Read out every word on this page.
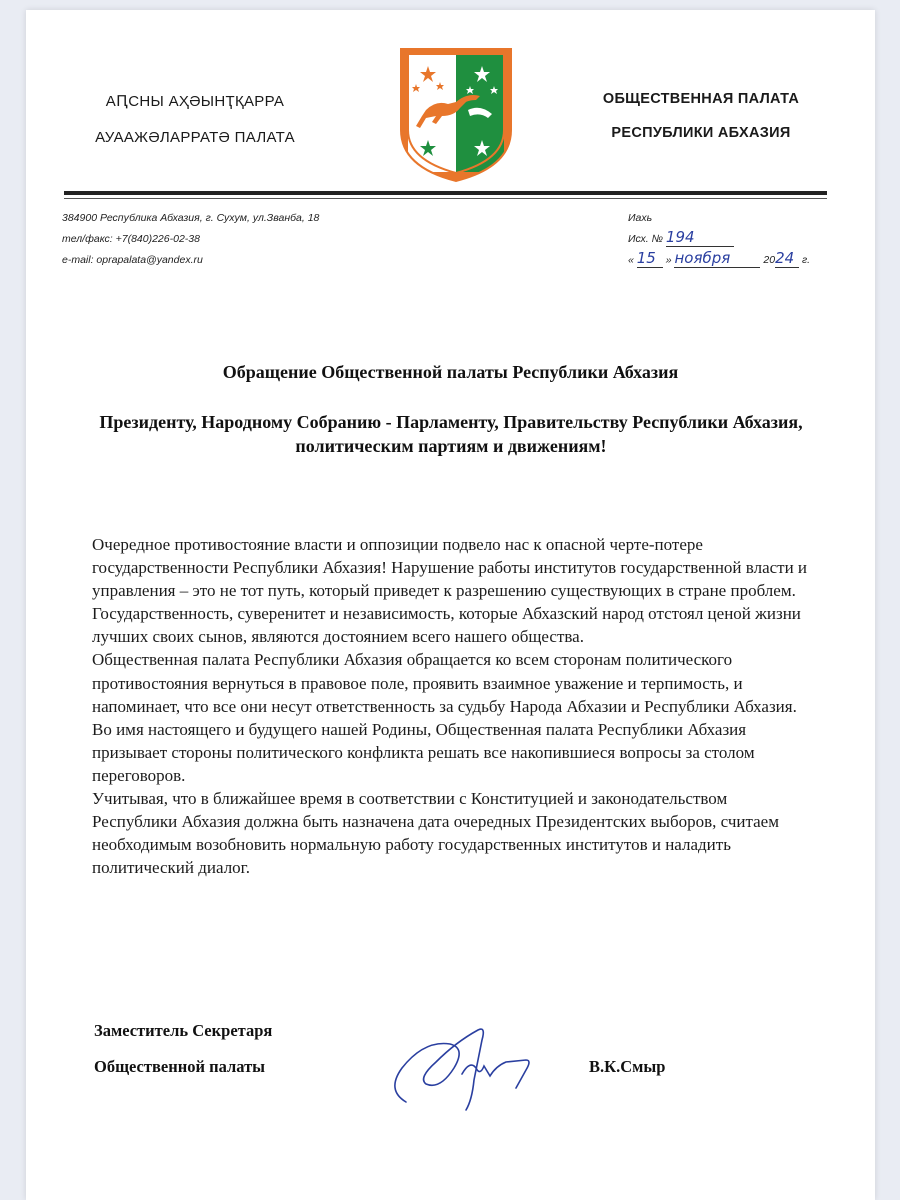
АԤСНЫ АҲӘЫНҬҚАРРА
АУААЖӘЛАРРАТӘ ПАЛАТА
ОБЩЕСТВЕННАЯ ПАЛАТА
РЕСПУБЛИКИ АБХАЗИЯ
384900 Республика Абхазия, г. Сухум, ул.Званба, 18
тел/факс: +7(840)226-02-38
e-mail: oprapalata@yandex.ru
Иахь
Исх. № 194
« 15 » ноября	2024 г.
Обращение Общественной палаты Республики Абхазия
Президенту, Народному Собранию - Парламенту, Правительству Республики Абхазия, политическим партиям и движениям!

Очередное противостояние власти и оппозиции подвело нас к опасной черте-потере государственности Республики Абхазия! Нарушение работы институтов государственной власти и управления – это не тот путь, который приведет к разрешению существующих в стране проблем.

Государственность, суверенитет и независимость, которые Абхазский народ отстоял ценой жизни лучших своих сынов, являются достоянием всего нашего общества.

Общественная палата Республики Абхазия обращается ко всем сторонам политического противостояния вернуться в правовое поле, проявить взаимное уважение и терпимость, и напоминает, что все они несут ответственность за судьбу Народа Абхазии и Республики Абхазия.

Во имя настоящего и будущего нашей Родины, Общественная палата Республики Абхазия призывает стороны политического конфликта решать все накопившиеся вопросы за столом переговоров.

Учитывая, что в ближайшее время в соответствии с Конституцией и законодательством Республики Абхазия должна быть назначена дата очередных Президентских выборов, считаем необходимым возобновить нормальную работу государственных институтов и наладить политический диалог.

Заместитель Секретаря
Общественной палаты	В.К.Смыр
